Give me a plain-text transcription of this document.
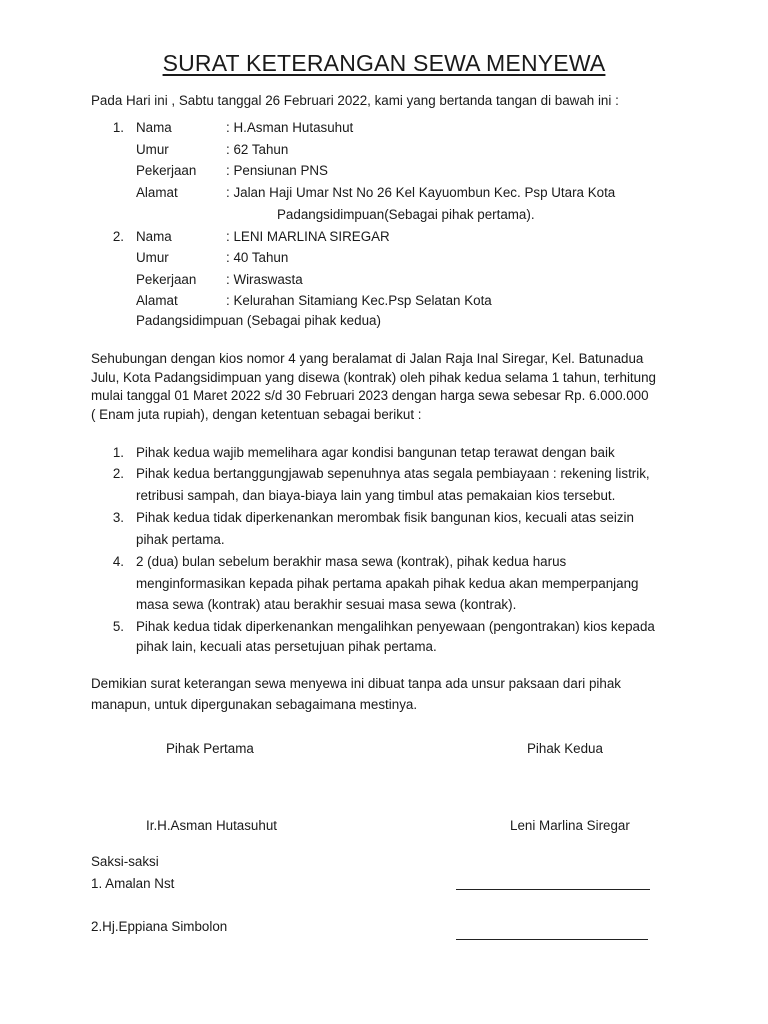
SURAT KETERANGAN SEWA MENYEWA
Pada Hari ini , Sabtu tanggal 26 Februari 2022, kami yang bertanda tangan di bawah ini :
1. Nama	: H.Asman Hutasuhut
Umur	: 62 Tahun
Pekerjaan : Pensiunan PNS
Alamat	: Jalan Haji Umar Nst No 26 Kel Kayuombun Kec. Psp Utara Kota
Padangsidimpuan(Sebagai pihak pertama).
2. Nama	: LENI MARLINA SIREGAR
Umur	: 40 Tahun
Pekerjaan : Wiraswasta
Alamat	: Kelurahan Sitamiang Kec.Psp Selatan Kota
Padangsidimpuan (Sebagai pihak kedua)
Sehubungan dengan kios nomor 4 yang beralamat di Jalan Raja Inal Siregar, Kel. Batunadua
Julu, Kota Padangsidimpuan yang disewa (kontrak) oleh pihak kedua selama 1 tahun, terhitung
mulai tanggal 01 Maret 2022 s/d 30 Februari 2023 dengan harga sewa sebesar Rp. 6.000.000
( Enam juta rupiah), dengan ketentuan sebagai berikut :
1. Pihak kedua wajib memelihara agar kondisi bangunan tetap terawat dengan baik
2. Pihak kedua bertanggungjawab sepenuhnya atas segala pembiayaan : rekening listrik,
retribusi sampah, dan biaya-biaya lain yang timbul atas pemakaian kios tersebut.
3. Pihak kedua tidak diperkenankan merombak fisik bangunan kios, kecuali atas seizin
pihak pertama.
4. 2 (dua) bulan sebelum berakhir masa sewa (kontrak), pihak kedua harus
menginformasikan kepada pihak pertama apakah pihak kedua akan memperpanjang
masa sewa (kontrak) atau berakhir sesuai masa sewa (kontrak).
5. Pihak kedua tidak diperkenankan mengalihkan penyewaan (pengontrakan) kios kepada
pihak lain, kecuali atas persetujuan pihak pertama.
Demikian surat keterangan sewa menyewa ini dibuat tanpa ada unsur paksaan dari pihak
manapun, untuk dipergunakan sebagaimana mestinya.
Pihak Pertama	Pihak Kedua
Ir.H.Asman Hutasuhut	Leni Marlina Siregar
Saksi-saksi
1. Amalan Nst
2.Hj.Eppiana Simbolon
